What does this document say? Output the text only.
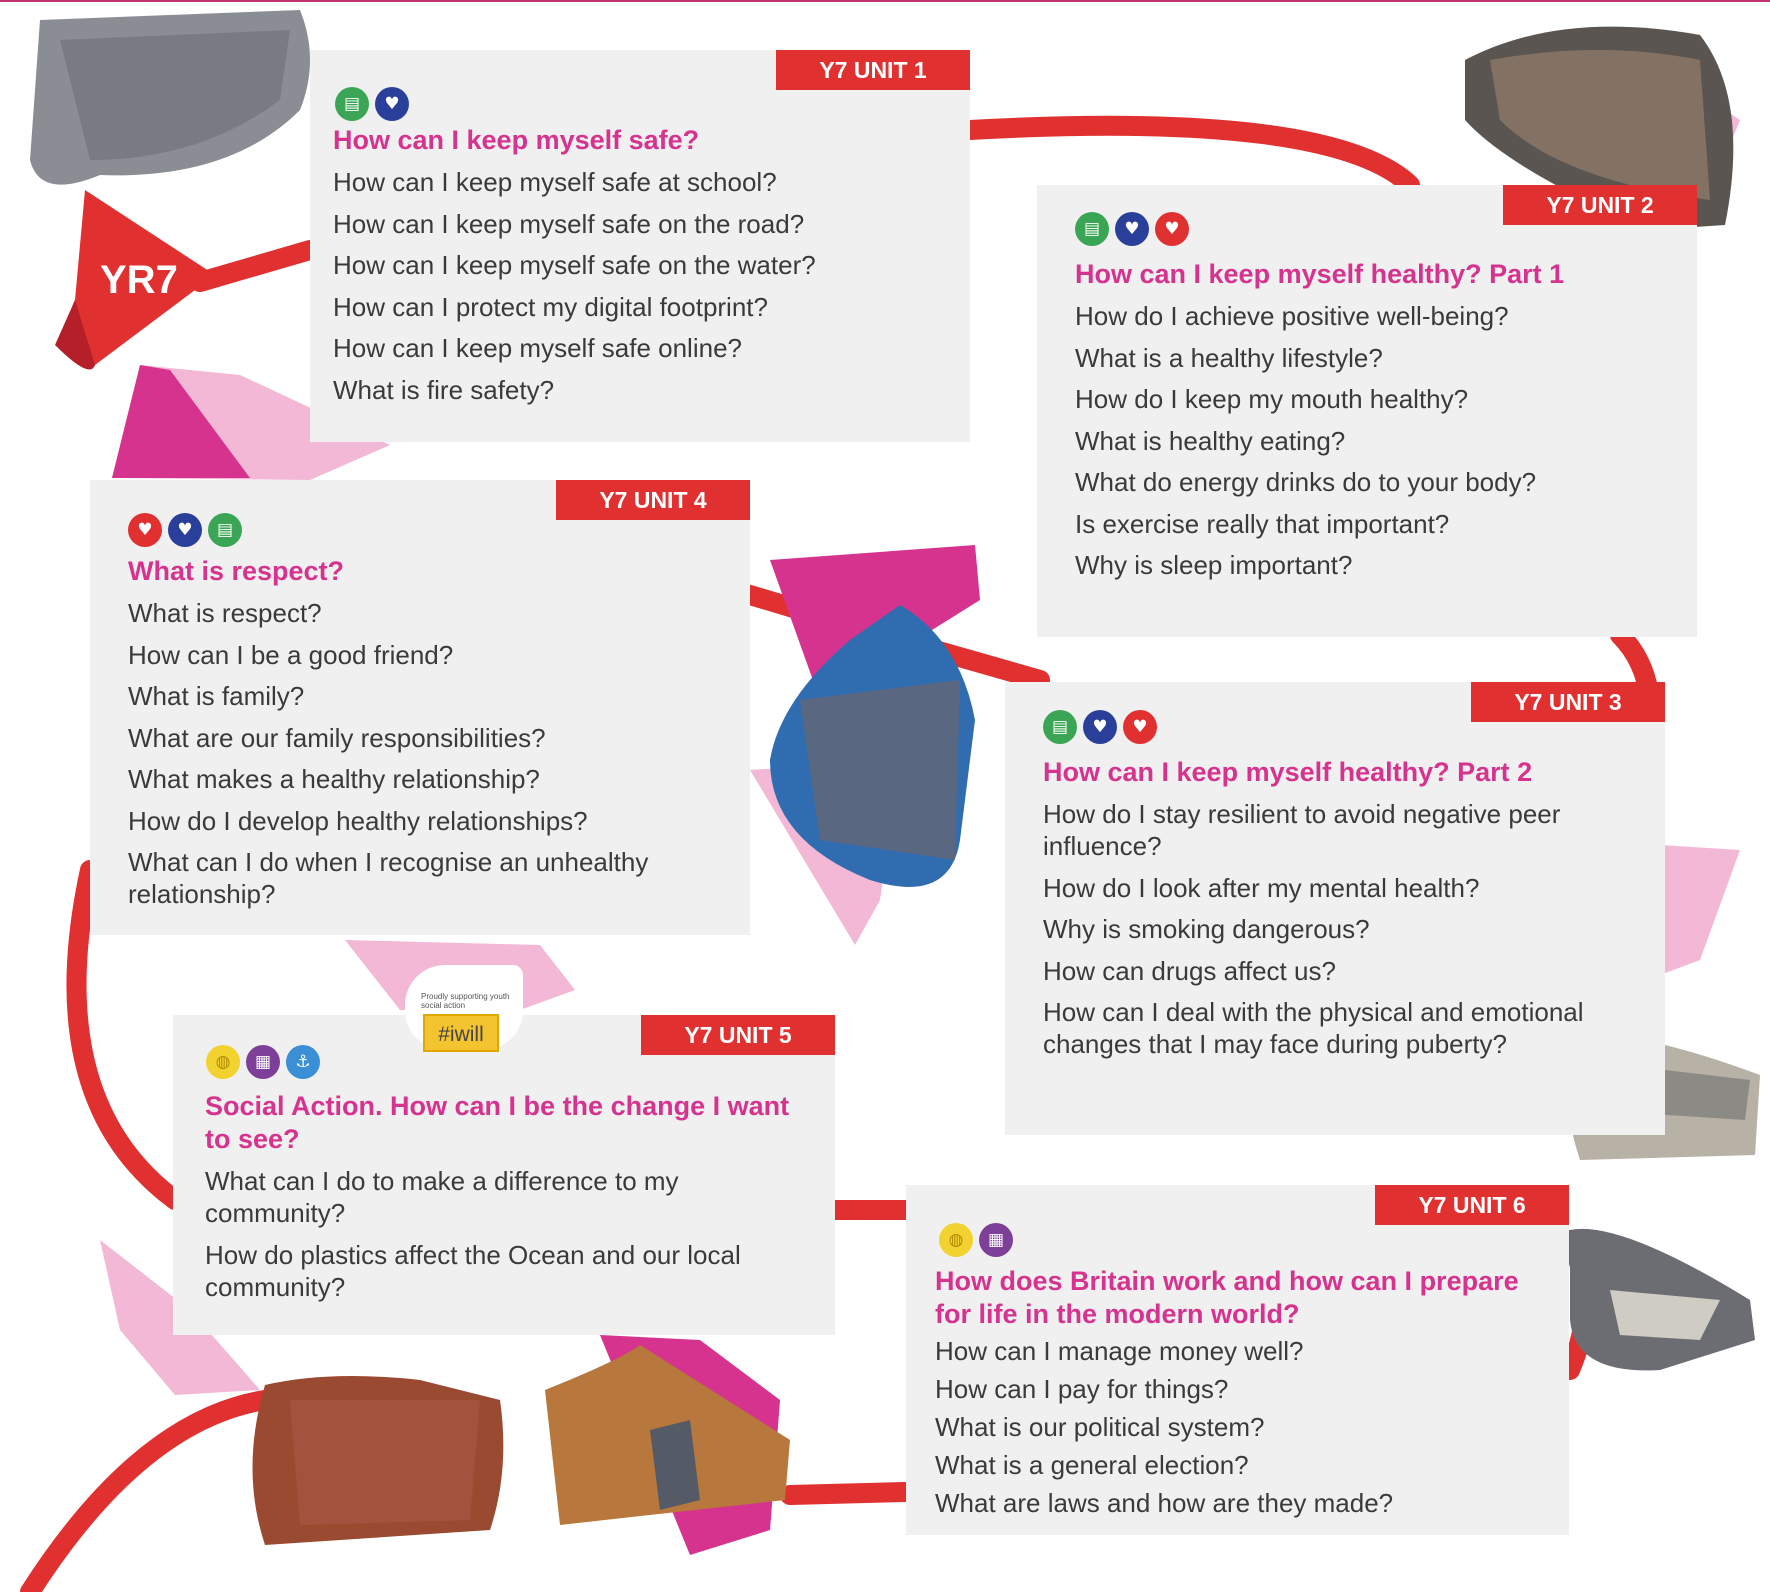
YR7
Y7 UNIT 1
▤	♥
How can I keep myself safe?
How can I keep myself safe at school?
How can I keep myself safe on the road?
How can I keep myself safe on the water?
How can I protect my digital footprint?
How can I keep myself safe online?
What is fire safety?
Y7 UNIT 2
▤	♥	♥
How can I keep myself healthy? Part 1
How do I achieve positive well-being?
What is a healthy lifestyle?
How do I keep my mouth healthy?
What is healthy eating?
What do energy drinks do to your body?
Is exercise really that important?
Why is sleep important?
Y7 UNIT 3
▤	♥	♥
How can I keep myself healthy? Part 2
How do I stay resilient to avoid negative peer influence?
How do I look after my mental health?
Why is smoking dangerous?
How can drugs affect us?
How can I deal with the physical and emotional changes that I may face during puberty?
Y7 UNIT 4
♥	♥	▤
What is respect?
What is respect?
How can I be a good friend?
What is family?
What are our family responsibilities?
What makes a healthy relationship?
How do I develop healthy relationships?
What can I do when I recognise an unhealthy relationship?
Y7 UNIT 5
◍	▦	⚓
Social Action. How can I be the change I want to see?
What can I do to make a difference to my community?
How do plastics affect the Ocean and our local community?
Y7 UNIT 6
◍	▦
How does Britain work and how can I prepare for life in the modern world?
How can I manage money well?
How can I pay for things?
What is our political system?
What is a general election?
What are laws and how are they made?
Proudly supporting youth social action
#iwill
